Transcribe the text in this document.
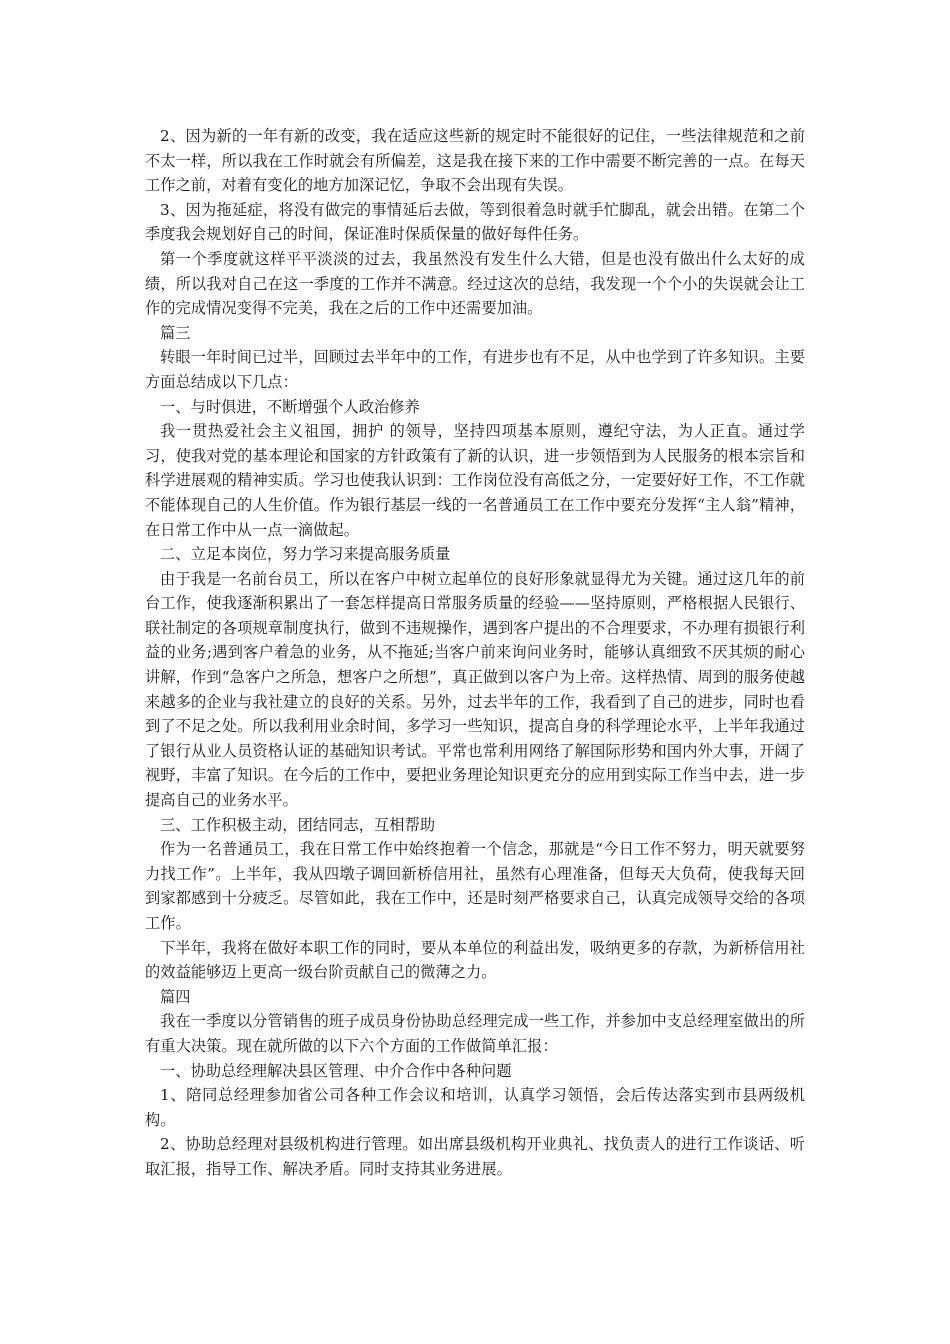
2、因为新的一年有新的改变，我在适应这些新的规定时不能很好的记住，一些法律规范和之前不太一样，所以我在工作时就会有所偏差，这是我在接下来的工作中需要不断完善的一点。在每天工作之前，对着有变化的地方加深记忆，争取不会出现有失误。

3、因为拖延症，将没有做完的事情延后去做，等到很着急时就手忙脚乱，就会出错。在第二个季度我会规划好自己的时间，保证准时保质保量的做好每件任务。

第一个季度就这样平平淡淡的过去，我虽然没有发生什么大错，但是也没有做出什么太好的成绩，所以我对自己在这一季度的工作并不满意。经过这次的总结，我发现一个个小的失误就会让工作的完成情况变得不完美，我在之后的工作中还需要加油。

篇三

转眼一年时间已过半，回顾过去半年中的工作，有进步也有不足，从中也学到了许多知识。主要方面总结成以下几点：

一、与时俱进，不断增强个人政治修养

我一贯热爱社会主义祖国，拥护 的领导，坚持四项基本原则，遵纪守法，为人正直。通过学习，使我对党的基本理论和国家的方针政策有了新的认识，进一步领悟到为人民服务的根本宗旨和科学进展观的精神实质。学习也使我认识到：工作岗位没有高低之分，一定要好好工作，不工作就不能体现自己的人生价值。作为银行基层一线的一名普通员工在工作中要充分发挥“主人翁”精神，在日常工作中从一点一滴做起。

二、立足本岗位，努力学习来提高服务质量

由于我是一名前台员工，所以在客户中树立起单位的良好形象就显得尤为关键。通过这几年的前台工作，使我逐渐积累出了一套怎样提高日常服务质量的经验——坚持原则，严格根据人民银行、联社制定的各项规章制度执行，做到不违规操作，遇到客户提出的不合理要求，不办理有损银行利益的业务;遇到客户着急的业务，从不拖延;当客户前来询问业务时，能够认真细致不厌其烦的耐心讲解，作到“急客户之所急，想客户之所想”，真正做到以客户为上帝。这样热情、周到的服务使越来越多的企业与我社建立的良好的关系。另外，过去半年的工作，我看到了自己的进步，同时也看到了不足之处。所以我利用业余时间，多学习一些知识，提高自身的科学理论水平，上半年我通过了银行从业人员资格认证的基础知识考试。平常也常利用网络了解国际形势和国内外大事，开阔了视野，丰富了知识。在今后的工作中，要把业务理论知识更充分的应用到实际工作当中去，进一步提高自己的业务水平。

三、工作积极主动，团结同志，互相帮助

作为一名普通员工，我在日常工作中始终抱着一个信念，那就是“今日工作不努力，明天就要努力找工作”。上半年，我从四墩子调回新桥信用社，虽然有心理准备，但每天大负荷，使我每天回到家都感到十分疲乏。尽管如此，我在工作中，还是时刻严格要求自己，认真完成领导交给的各项工作。

下半年，我将在做好本职工作的同时，要从本单位的利益出发，吸纳更多的存款，为新桥信用社的效益能够迈上更高一级台阶贡献自己的微薄之力。

篇四

我在一季度以分管销售的班子成员身份协助总经理完成一些工作，并参加中支总经理室做出的所有重大决策。现在就所做的以下六个方面的工作做简单汇报：

一、协助总经理解决县区管理、中介合作中各种问题

1、陪同总经理参加省公司各种工作会议和培训，认真学习领悟，会后传达落实到市县两级机构。

2、协助总经理对县级机构进行管理。如出席县级机构开业典礼、找负责人的进行工作谈话、听取汇报，指导工作、解决矛盾。同时支持其业务进展。
